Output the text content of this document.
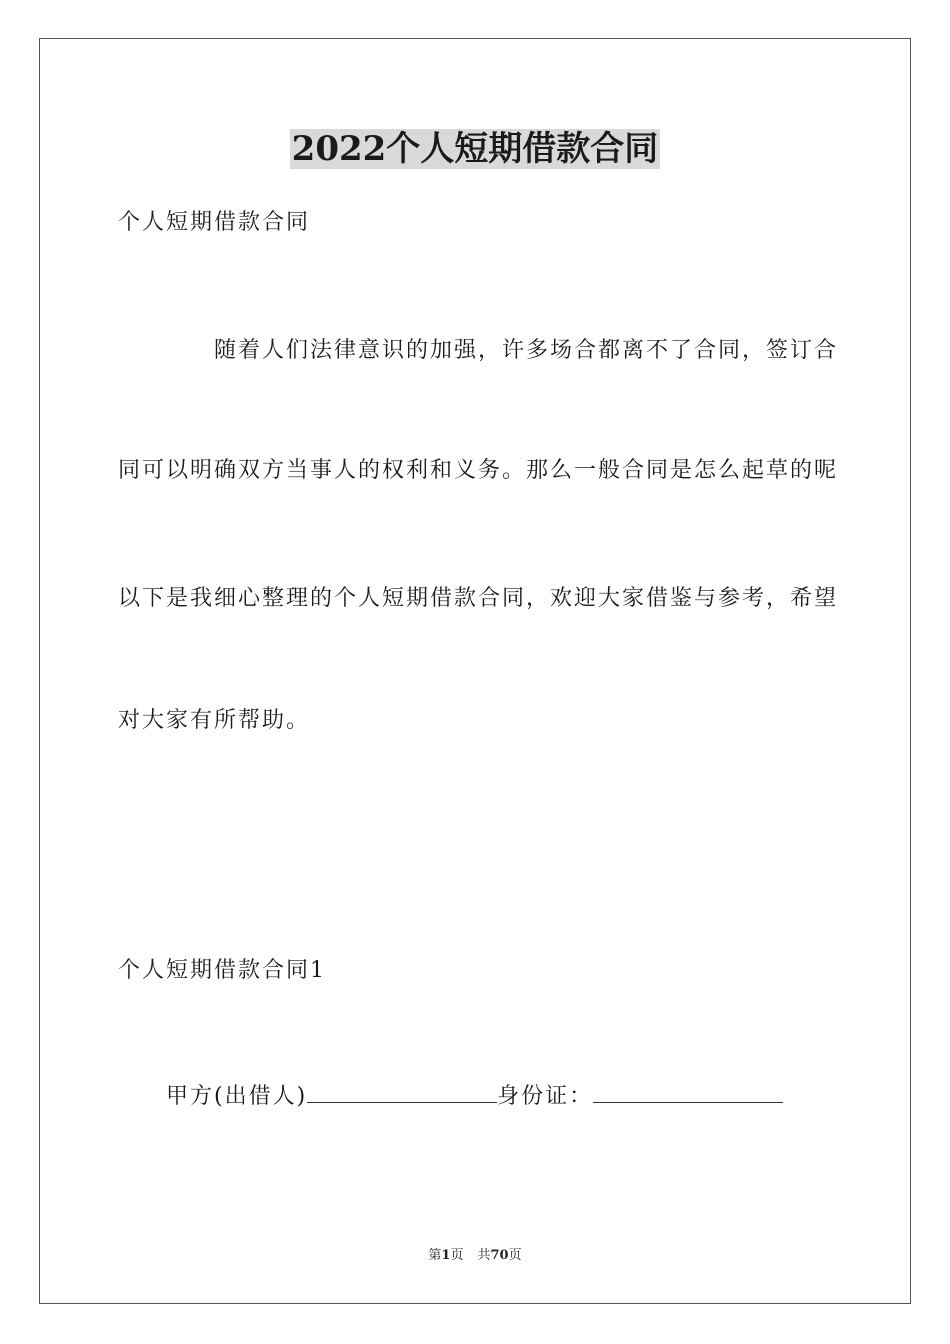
2022个人短期借款合同
个人短期借款合同
随着人们法律意识的加强，许多场合都离不了合同，签订合
同可以明确双方当事人的权利和义务。那么一般合同是怎么起草的呢
以下是我细心整理的个人短期借款合同，欢迎大家借鉴与参考，希望
对大家有所帮助。
个人短期借款合同1
甲方(出借人)	身份证：
第1页 共70页
